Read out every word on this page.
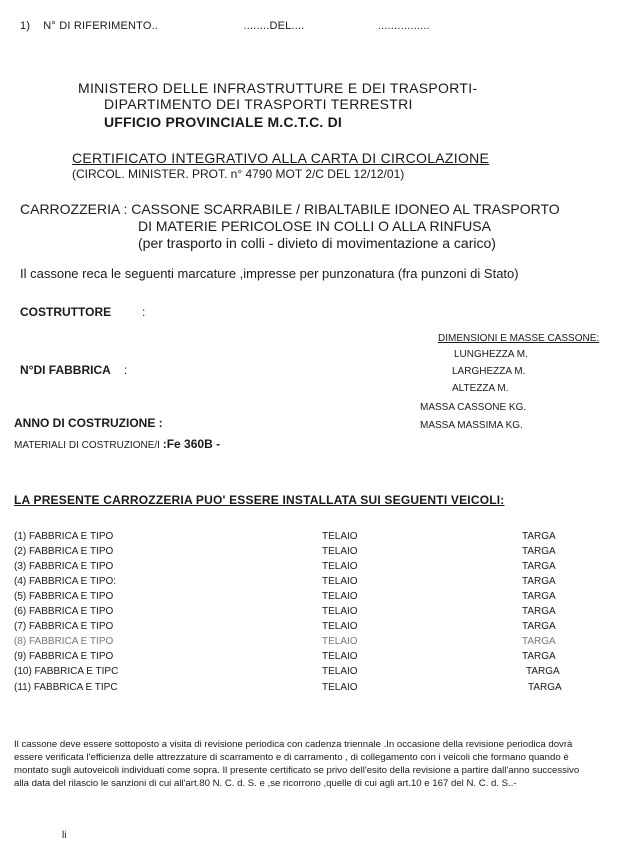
1) N° DI RIFERIMENTO..	........DEL....	................
MINISTERO DELLE INFRASTRUTTURE E DEI TRASPORTI-
DIPARTIMENTO DEI TRASPORTI TERRESTRI
UFFICIO PROVINCIALE M.C.T.C. DI
CERTIFICATO INTEGRATIVO ALLA CARTA DI CIRCOLAZIONE
(CIRCOL. MINISTER. PROT. n° 4790 MOT 2/C DEL 12/12/01)
CARROZZERIA : CASSONE SCARRABILE / RIBALTABILE IDONEO AL TRASPORTO
DI MATERIE PERICOLOSE IN COLLI O ALLA RINFUSA
(per trasporto in colli - divieto di movimentazione a carico)
Il cassone reca le seguenti marcature ,impresse per punzonatura (fra punzoni di Stato)
COSTRUTTORE	:
N°DI FABBRICA :
ANNO DI COSTRUZIONE :
MATERIALI DI COSTRUZIONE/I :Fe 360B -
DIMENSIONI E MASSE CASSONE:
LUNGHEZZA M.
LARGHEZZA M.
ALTEZZA M.
MASSA CASSONE KG.
MASSA MASSIMA KG.
LA PRESENTE CARROZZERIA PUO' ESSERE INSTALLATA SUI SEGUENTI VEICOLI:
(1) FABBRICA E TIPO	TELAIO	TARGA
(2) FABBRICA E TIPO	TELAIO	TARGA
(3) FABBRICA E TIPO	TELAIO	TARGA
(4) FABBRICA E TIPO:	TELAIO	TARGA
(5) FABBRICA E TIPO	TELAIO	TARGA
(6) FABBRICA E TIPO	TELAIO	TARGA
(7) FABBRICA E TIPO	TELAIO	TARGA
(8) FABBRICA E TIPO	TELAIO	TARGA
(9) FABBRICA E TIPO	TELAIO	TARGA
(10) FABBRICA E TIPC	TELAIO	TARGA
(11) FABBRICA E TIPC	TELAIO	TARGA

Il cassone deve essere sottoposto a visita di revisione periodica con cadenza triennale .In occasione della revisione periodica dovrà

essere verificata l'efficienza delle attrezzature di scarramento e di carramento , di collegamento con i veicoli che formano quando è

montato sugli autoveicoli individuati come sopra. Il presente certificato se privo dell'esito della revisione a partire dall'anno successivo

alla data del rilascio le sanzioni di cui all'art.80 N. C. d. S. e ,se ricorrono ,quelle di cui agli art.10 e 167 del N. C. d. S..-

li
